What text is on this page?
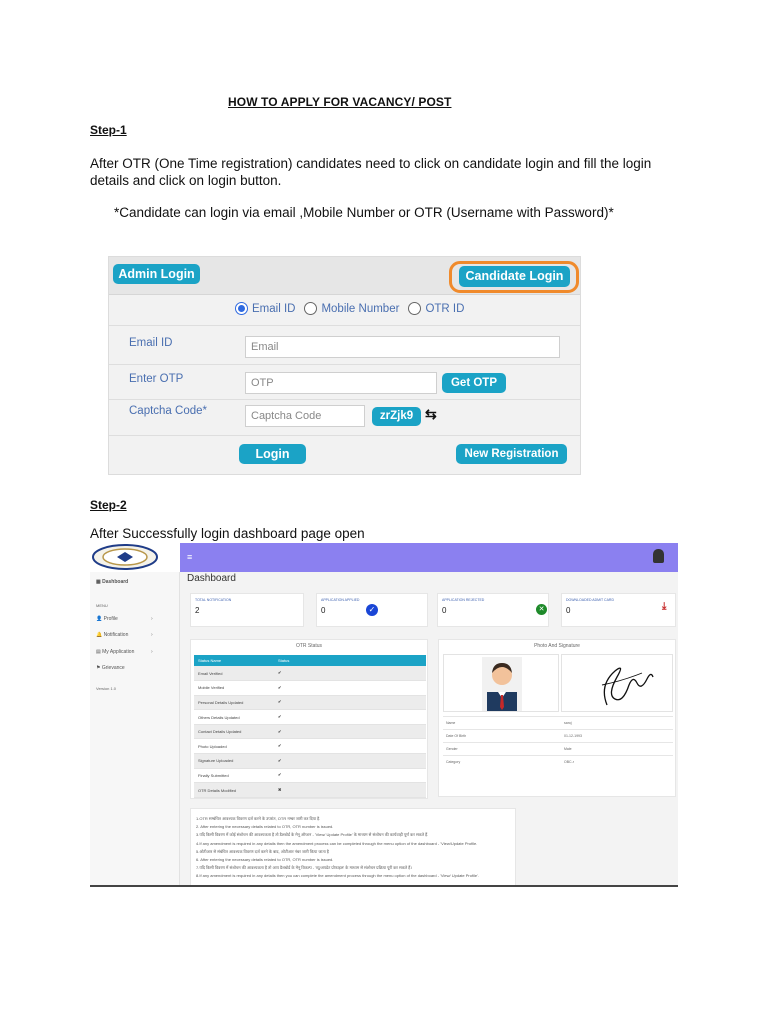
HOW TO APPLY FOR VACANCY/ POST
Step-1
After OTR (One Time registration) candidates need to click on candidate login and fill the login
details and click on login button.
*Candidate can login via email ,Mobile Number or OTR (Username with Password)*
Admin Login	Candidate Login
Email ID Mobile Number OTR ID
Email ID	Email
Enter OTP	OTP	Get OTP
Captcha Code*	Captcha Code	zrZjk9 ⇆
Login	New Registration
Step-2
After Successfully login dashboard page open
▦ Dashboard
MENU
👤 Profile	›
🔔 Notification	›
▤ My Application	›
⚑ Grievance
Version 1.0
≡
Dashboard
TOTAL NOTIFICATION
2
APPLICATION APPLIED
0	✓
APPLICATION REJECTED
0	✕
DOWNLOADED ADMIT CARD
0	⤓
OTR Status
Status Name	Status
Email Verified	✔
Mobile Verified	✔
Personal Details Updated	✔
Others Details Updated	✔
Contact Details Updated	✔
Photo Uploaded	✔
Signature Uploaded	✔
Finally Submitted	✔
OTR Details Modified	✖
Photo And Signature
Name	saroj
Date Of Birth	01-12-1993
Gender	Male
Category	OBC-r
1.OTR सम्बंधित आवश्यक विवरण दर्ज करने के उपरांत, OTR नम्बर जारी कर दिया है.
2. After entering the necessary details related to OTR, OTR number is issued.
3.यदि किसी विवरण में कोई संशोधन की आवश्यकता है तो डैशबोर्ड के मेनू ऑप्शन - 'View/ Update Profile' के माध्यम से संशोधन की कार्यवाही पूर्ण कर सकते हैं.
4.If any amendment is required in any details then the amendment process can be completed through the menu option of the dashboard - 'View/Update Profile.
5.ओटीआर से संबंधित आवश्यक विवरण दर्ज करने के बाद, ओटीआर नंबर जारी किया जाता है
6. After entering the necessary details related to OTR, OTR number is issued.
7.यदि किसी विवरण में संशोधन की आवश्यकता है तो आप डैशबोर्ड के मेनू विकल्प - 'व्यू/अपडेट प्रोफाइल' के माध्यम से संशोधन प्रक्रिया पूरी कर सकते हैं।
8.If any amendment is required in any details then you can complete the amendment process through the menu option of the dashboard - 'View/ Update Profile'.
